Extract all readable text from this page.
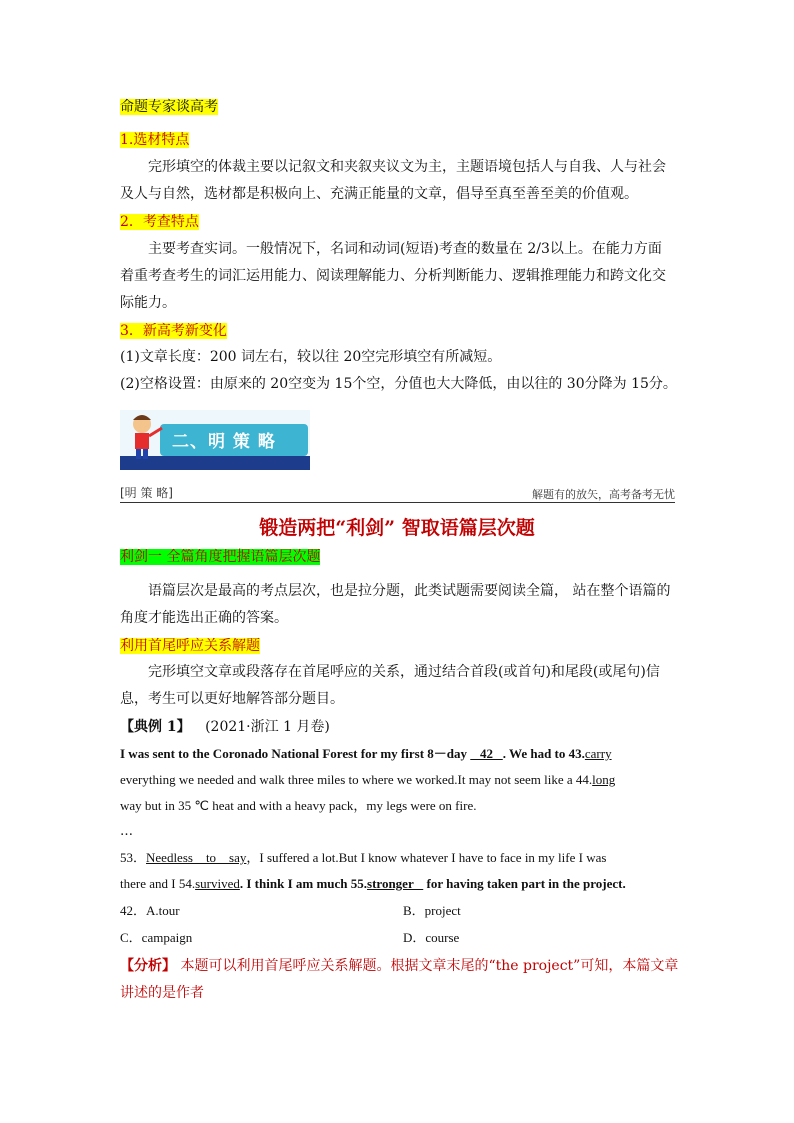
命题专家谈高考
1.选材特点
完形填空的体裁主要以记叙文和夹叙夹议文为主，主题语境包括人与自我、人与社会及人与自然，选材都是积极向上、充满正能量的文章，倡导至真至善至美的价值观。
2．考查特点
主要考查实词。一般情况下，名词和动词(短语)考查的数量在 2/3以上。在能力方面着重考查考生的词汇运用能力、阅读理解能力、分析判断能力、逻辑推理能力和跨文化交际能力。
3．新高考新变化
(1)文章长度：200 词左右，较以往 20空完形填空有所减短。
(2)空格设置：由原来的 20空变为 15个空，分值也大大降低，由以往的 30分降为 15分。
二、明 策 略
[明 策 略]	解题有的放矢，高考备考无忧
锻造两把“利剑” 智取语篇层次题
利剑一 全篇角度把握语篇层次题
语篇层次是最高的考点层次，也是拉分题，此类试题需要阅读全篇， 站在整个语篇的角度才能选出正确的答案。
利用首尾呼应关系解题
完形填空文章或段落存在首尾呼应的关系，通过结合首段(或首句)和尾段(或尾句)信息，考生可以更好地解答部分题目。
【典例 1】 (2021·浙江 1 月卷)
I was sent to the Coronado National Forest for my first 8－day    42   . We had to 43.carry
everything we needed and walk three miles to where we worked.It may not seem like a 44.long
way but in 35 ℃ heat and with a heavy pack，my legs were on fire.
…
53．Needless    to    say，I suffered a lot.But I know whatever I have to face in my life I was
there and I 54.survived. I think I am much 55.stronger    for having taken part in the project.
42．A.tour	B．project
C．campaign	D．course
【分析】 本题可以利用首尾呼应关系解题。根据文章末尾的“the project”可知，本篇文章
讲述的是作者
